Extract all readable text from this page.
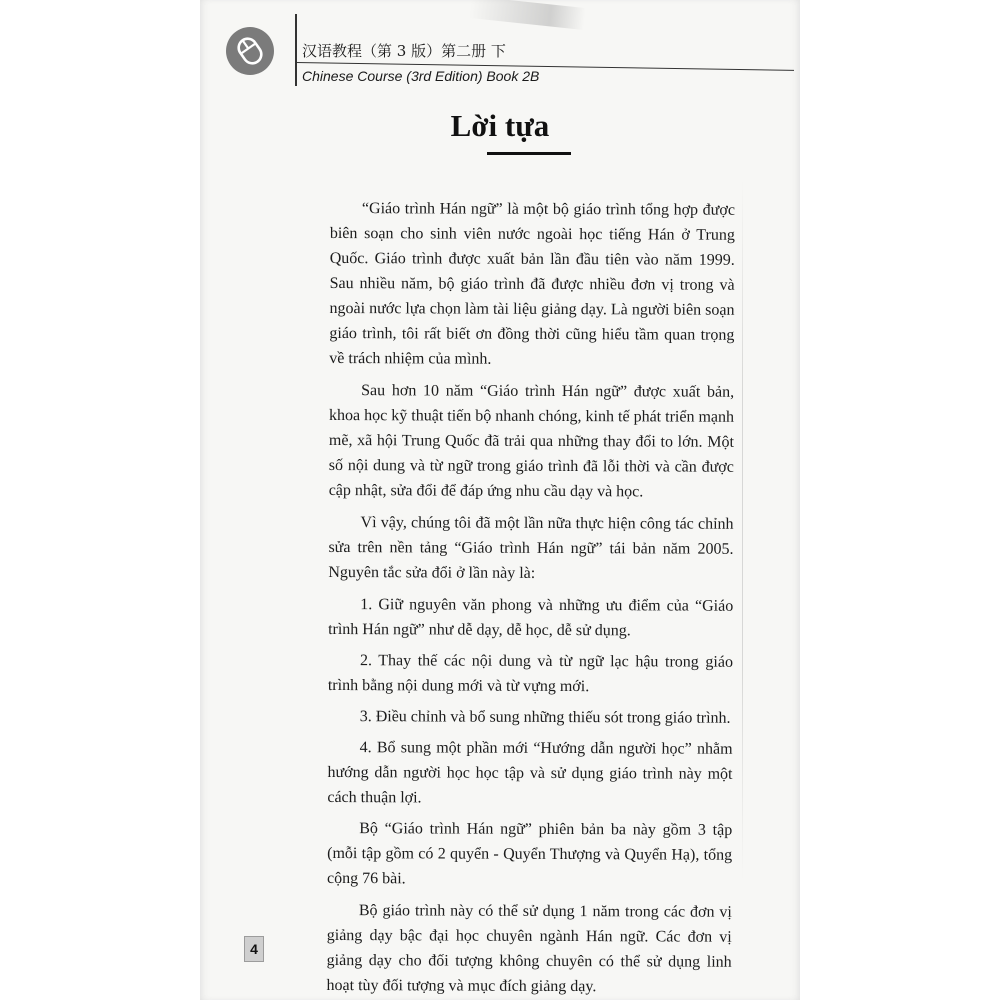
汉语教程（第 3 版）第二册 下
Chinese Course (3rd Edition) Book 2B
Lời tựa

“Giáo trình Hán ngữ” là một bộ giáo trình tổng hợp được biên soạn cho sinh viên nước ngoài học tiếng Hán ở Trung Quốc. Giáo trình được xuất bản lần đầu tiên vào năm 1999. Sau nhiều năm, bộ giáo trình đã được nhiều đơn vị trong và ngoài nước lựa chọn làm tài liệu giảng dạy. Là người biên soạn giáo trình, tôi rất biết ơn đồng thời cũng hiểu tầm quan trọng về trách nhiệm của mình.

Sau hơn 10 năm “Giáo trình Hán ngữ” được xuất bản, khoa học kỹ thuật tiến bộ nhanh chóng, kinh tế phát triển mạnh mẽ, xã hội Trung Quốc đã trải qua những thay đổi to lớn. Một số nội dung và từ ngữ trong giáo trình đã lỗi thời và cần được cập nhật, sửa đổi để đáp ứng nhu cầu dạy và học.

Vì vậy, chúng tôi đã một lần nữa thực hiện công tác chỉnh sửa trên nền tảng “Giáo trình Hán ngữ” tái bản năm 2005. Nguyên tắc sửa đổi ở lần này là:

1. Giữ nguyên văn phong và những ưu điểm của “Giáo trình Hán ngữ” như dễ dạy, dễ học, dễ sử dụng.

2. Thay thế các nội dung và từ ngữ lạc hậu trong giáo trình bằng nội dung mới và từ vựng mới.

3. Điều chỉnh và bổ sung những thiếu sót trong giáo trình.

4. Bổ sung một phần mới “Hướng dẫn người học” nhằm hướng dẫn người học học tập và sử dụng giáo trình này một cách thuận lợi.

Bộ “Giáo trình Hán ngữ” phiên bản ba này gồm 3 tập (mỗi tập gồm có 2 quyển - Quyển Thượng và Quyển Hạ), tổng cộng 76 bài.

Bộ giáo trình này có thể sử dụng 1 năm trong các đơn vị giảng dạy bậc đại học chuyên ngành Hán ngữ. Các đơn vị giảng dạy cho đối tượng không chuyên có thể sử dụng linh hoạt tùy đối tượng và mục đích giảng dạy.

4
